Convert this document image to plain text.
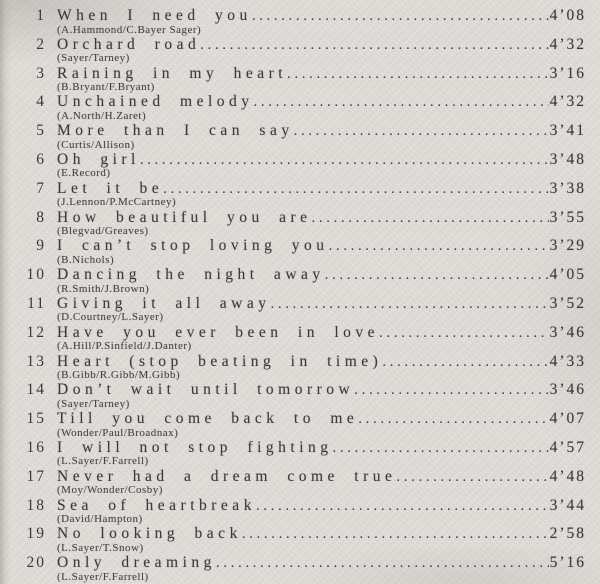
1 When I need you .....	4’08
(A.Hammond/C.Bayer Sager)
2 Orchard road .....	4’32
(Sayer/Tarney)
3 Raining in my heart .....	3’16
(B.Bryant/F.Bryant)
4 Unchained melody .....	4’32
(A.North/H.Zaret)
5 More than I can say .....	3’41
(Curtis/Allison)
6 Oh girl .....	3’48
(E.Record)
7 Let it be .....	3’38
(J.Lennon/P.McCartney)
8 How beautiful you are .....	3’55
(Blegvad/Greaves)
9 I can’t stop loving you .....	3’29
(B.Nichols)
10 Dancing the night away .....	4’05
(R.Smith/J.Brown)
11 Giving it all away .....	3’52
(D.Courtney/L.Sayer)
12 Have you ever been in love .....	3’46
(A.Hill/P.Sinfield/J.Danter)
13 Heart (stop beating in time) .....	4’33
(B.Gibb/R.Gibb/M.Gibb)
14 Don’t wait until tomorrow .....	3’46
(Sayer/Tarney)
15 Till you come back to me .....	4’07
(Wonder/Paul/Broadnax)
16 I will not stop fighting .....	4’57
(L.Sayer/F.Farrell)
17 Never had a dream come true .....	4’48
(Moy/Wonder/Cosby)
18 Sea of heartbreak .....	3’44
(David/Hampton)
19 No looking back .....	2’58
(L.Sayer/T.Snow)
20 Only dreaming .....	5’16
(L.Sayer/F.Farrell)
